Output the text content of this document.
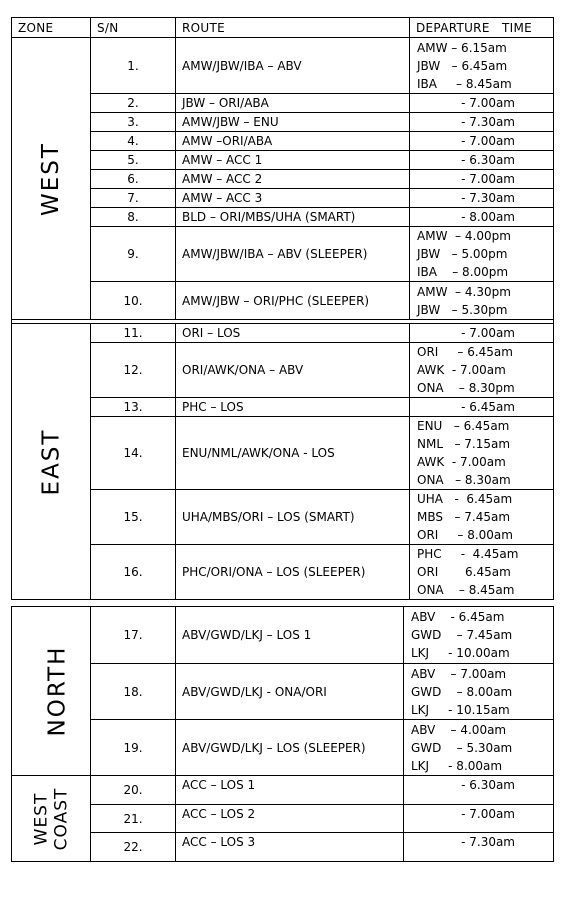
ZONE	S/N	ROUTE	DEPARTURE   TIME
WEST	1.	AMW/JBW/IBA – ABV	AMW – 6.15am
JBW   – 6.45am
IBA     – 8.45am

	2.	JBW – ORI/ABA	- 7.00am

	3.	AMW/JBW – ENU	- 7.30am

	4.	AMW –ORI/ABA	- 7.00am

	5.	AMW – ACC 1	- 6.30am

	6.	AMW – ACC 2	- 7.00am

	7.	AMW – ACC 3	- 7.30am

	8.	BLD – ORI/MBS/UHA (SMART)	- 8.00am

	9.	AMW/JBW/IBA – ABV (SLEEPER)	AMW  – 4.00pm
JBW   – 5.00pm
IBA    – 8.00pm

	10.	AMW/JBW – ORI/PHC (SLEEPER)	AMW  – 4.30pm
JBW   – 5.30pm

EAST	11.	ORI – LOS	- 7.00am

	12.	ORI/AWK/ONA – ABV	ORI     – 6.45am
AWK  - 7.00am
ONA    – 8.30pm

	13.	PHC – LOS	- 6.45am

	14.	ENU/NML/AWK/ONA - LOS	ENU   – 6.45am
NML   – 7.15am
AWK  - 7.00am
ONA   – 8.30am

	15.	UHA/MBS/ORI – LOS (SMART)	UHA   -  6.45am
MBS   – 7.45am
ORI     – 8.00am

	16.	PHC/ORI/ONA – LOS (SLEEPER)	PHC     -  4.45am
ORI       6.45am
ONA    – 8.45am
NORTH	17.	ABV/GWD/LKJ – LOS 1	ABV    - 6.45am
GWD    – 7.45am
LKJ     - 10.00am

	18.	ABV/GWD/LKJ - ONA/ORI	ABV    – 7.00am
GWD    – 8.00am
LKJ     - 10.15am

	19.	ABV/GWD/LKJ – LOS (SLEEPER)	ABV    – 4.00am
GWD    – 5.30am
LKJ     - 8.00am

WEST COAST	20.	ACC – LOS 1	- 6.30am

	21.	ACC – LOS 2	- 7.00am

	22.	ACC – LOS 3	- 7.30am
